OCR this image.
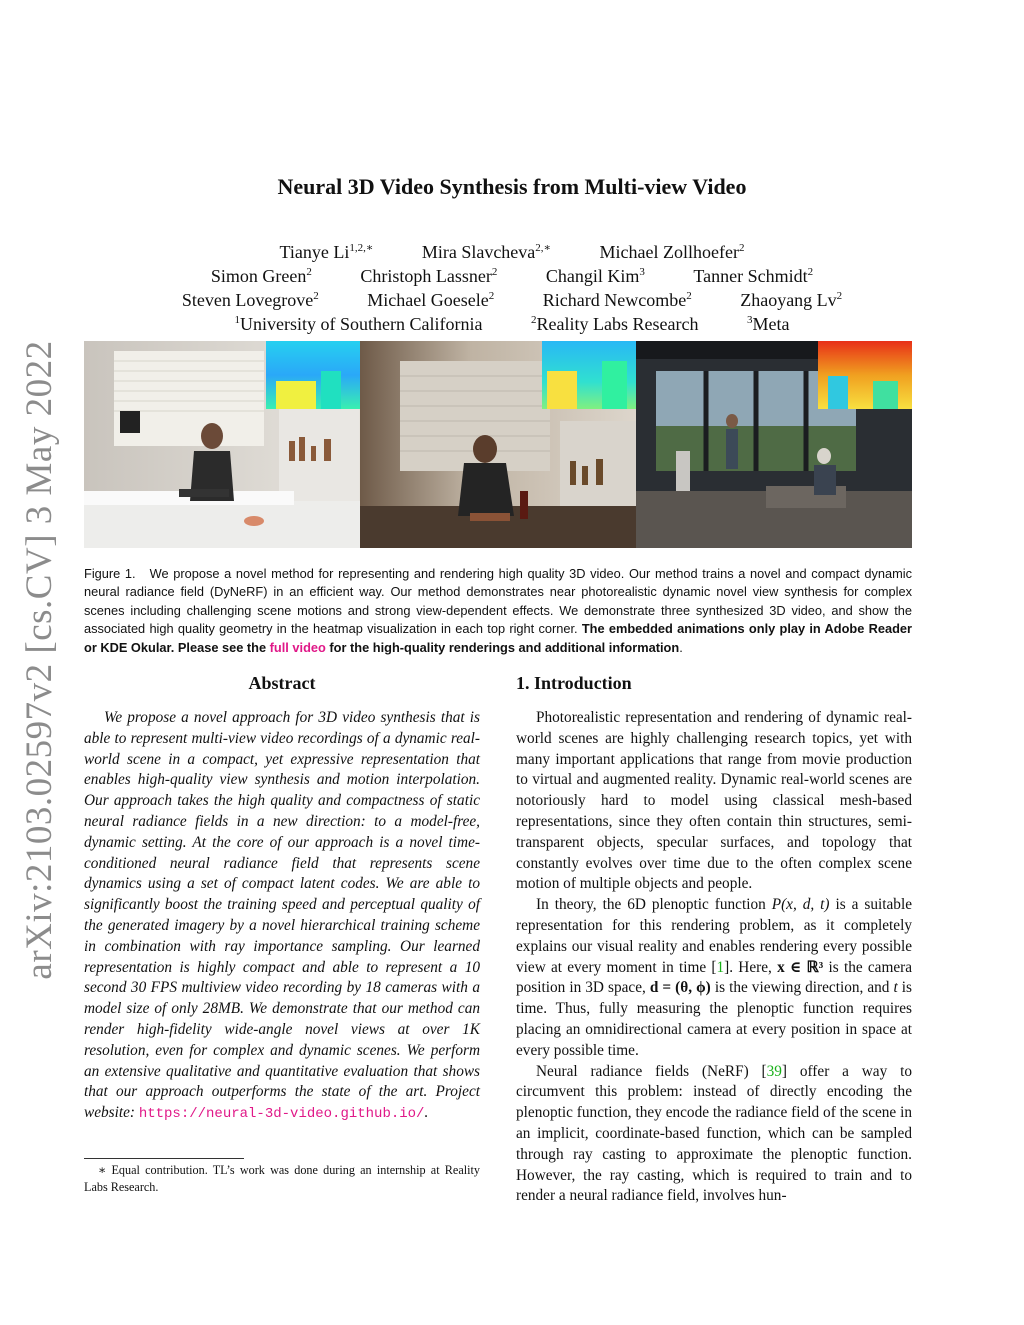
arXiv:2103.02597v2 [cs.CV] 3 May 2022
Neural 3D Video Synthesis from Multi-view Video
Tianye $Li^{1,2,∗}$	Mira Slavcheva$^{2,∗}$	Michael Zollhoefer$^2$
Simon Green$^2$	Christoph Lassner$^2$	Changil Kim$^3$	Tanner Schmidt$^2$
Steven Lovegrove$^2$	Michael Goesele$^2$	Richard Newcombe$^2$	Zhaoyang Lv$^2$
$^1$University of Southern California	$^2$Reality Labs Research	$^3$Meta
Figure 1. We propose a novel method for representing and rendering high quality 3D video. Our method trains a novel and compact dynamic neural radiance field (DyNeRF) in an efficient way. Our method demonstrates near photorealistic dynamic novel view synthesis for complex scenes including challenging scene motions and strong view-dependent effects. We demonstrate three synthesized 3D video, and show the associated high quality geometry in the heatmap visualization in each top right corner. The embedded animations only play in Adobe Reader or KDE Okular. Please see the full video for the high-quality renderings and additional information.
Abstract
We propose a novel approach for 3D video synthesis that is able to represent multi-view video recordings of a dynamic real-world scene in a compact, yet expressive representation that enables high-quality view synthesis and motion interpolation. Our approach takes the high quality and compactness of static neural radiance fields in a new direction: to a model-free, dynamic setting. At the core of our approach is a novel time-conditioned neural radiance field that represents scene dynamics using a set of compact latent codes. We are able to significantly boost the training speed and perceptual quality of the generated imagery by a novel hierarchical training scheme in combination with ray importance sampling. Our learned representation is highly compact and able to represent a 10 second 30 FPS multiview video recording by 18 cameras with a model size of only 28MB. We demonstrate that our method can render high-fidelity wide-angle novel views at over 1K resolution, even for complex and dynamic scenes. We perform an extensive qualitative and quantitative evaluation that shows that our approach outperforms the state of the art. Project website: https://neural-3d-video.github.io/.
∗ Equal contribution. TL’s work was done during an internship at Reality Labs Research.
1. Introduction

Photorealistic representation and rendering of dynamic real-world scenes are highly challenging research topics, yet with many important applications that range from movie production to virtual and augmented reality. Dynamic real-world scenes are notoriously hard to model using classical mesh-based representations, since they often contain thin structures, semi-transparent objects, specular surfaces, and topology that constantly evolves over time due to the often complex scene motion of multiple objects and people.

In theory, the 6D plenoptic function P(x, d, t) is a suitable representation for this rendering problem, as it completely explains our visual reality and enables rendering every possible view at every moment in time [1]. Here, x ∈ ℝ³ is the camera position in 3D space, d = (θ, ϕ) is the viewing direction, and t is time. Thus, fully measuring the plenoptic function requires placing an omnidirectional camera at every position in space at every possible time.

Neural radiance fields (NeRF) [39] offer a way to circumvent this problem: instead of directly encoding the plenoptic function, they encode the radiance field of the scene in an implicit, coordinate-based function, which can be sampled through ray casting to approximate the plenoptic function. However, the ray casting, which is required to train and to render a neural radiance field, involves hun-
